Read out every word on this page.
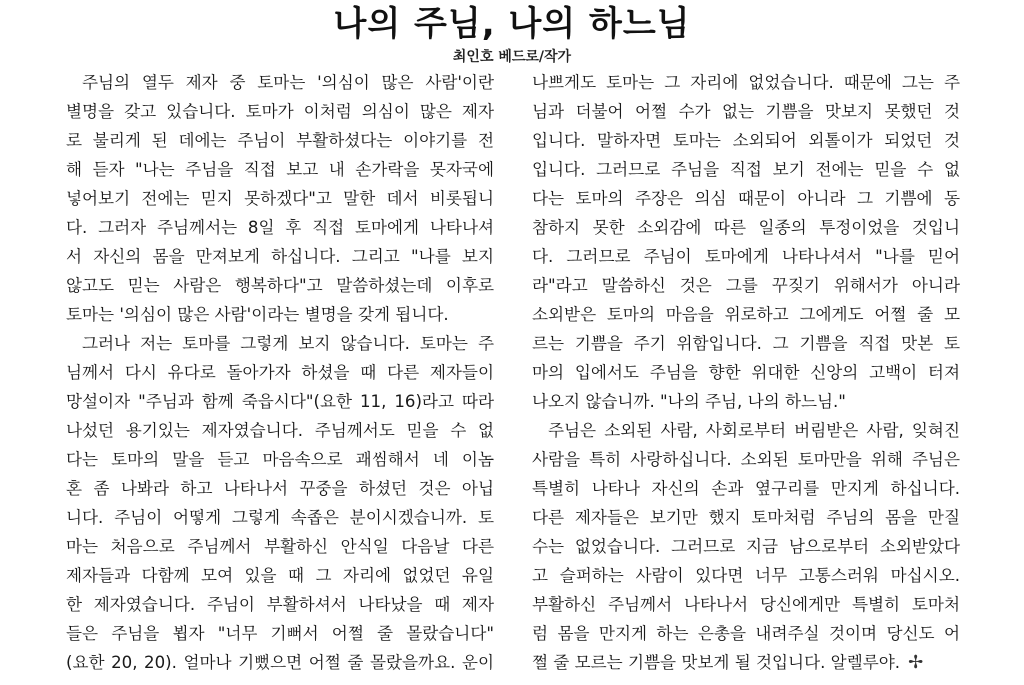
나의 주님, 나의 하느님
최인호 베드로/작가
주님의 열두 제자 중 토마는 '의심이 많은 사람'이란
별명을 갖고 있습니다. 토마가 이처럼 의심이 많은 제자
로 불리게 된 데에는 주님이 부활하셨다는 이야기를 전
해 듣자 "나는 주님을 직접 보고 내 손가락을 못자국에
넣어보기 전에는 믿지 못하겠다"고 말한 데서 비롯됩니
다. 그러자 주님께서는 8일 후 직접 토마에게 나타나셔
서 자신의 몸을 만져보게 하십니다. 그리고 "나를 보지
않고도 믿는 사람은 행복하다"고 말씀하셨는데 이후로
토마는 '의심이 많은 사람'이라는 별명을 갖게 됩니다.
그러나 저는 토마를 그렇게 보지 않습니다. 토마는 주
님께서 다시 유다로 돌아가자 하셨을 때 다른 제자들이
망설이자 "주님과 함께 죽읍시다"(요한 11, 16)라고 따라
나섰던 용기있는 제자였습니다. 주님께서도 믿을 수 없
다는 토마의 말을 듣고 마음속으로 괘씸해서 네 이놈
혼 좀 나봐라 하고 나타나서 꾸중을 하셨던 것은 아닙
니다. 주님이 어떻게 그렇게 속좁은 분이시겠습니까. 토
마는 처음으로 주님께서 부활하신 안식일 다음날 다른
제자들과 다함께 모여 있을 때 그 자리에 없었던 유일
한 제자였습니다. 주님이 부활하셔서 나타났을 때 제자
들은 주님을 뵙자 "너무 기뻐서 어쩔 줄 몰랐습니다"
(요한 20, 20). 얼마나 기뻤으면 어쩔 줄 몰랐을까요. 운이
나쁘게도 토마는 그 자리에 없었습니다. 때문에 그는 주
님과 더불어 어쩔 수가 없는 기쁨을 맛보지 못했던 것
입니다. 말하자면 토마는 소외되어 외톨이가 되었던 것
입니다. 그러므로 주님을 직접 보기 전에는 믿을 수 없
다는 토마의 주장은 의심 때문이 아니라 그 기쁨에 동
참하지 못한 소외감에 따른 일종의 투정이었을 것입니
다. 그러므로 주님이 토마에게 나타나셔서 "나를 믿어
라"라고 말씀하신 것은 그를 꾸짖기 위해서가 아니라
소외받은 토마의 마음을 위로하고 그에게도 어쩔 줄 모
르는 기쁨을 주기 위함입니다. 그 기쁨을 직접 맛본 토
마의 입에서도 주님을 향한 위대한 신앙의 고백이 터져
나오지 않습니까. "나의 주님, 나의 하느님."
주님은 소외된 사람, 사회로부터 버림받은 사람, 잊혀진
사람을 특히 사랑하십니다. 소외된 토마만을 위해 주님은
특별히 나타나 자신의 손과 옆구리를 만지게 하십니다.
다른 제자들은 보기만 했지 토마처럼 주님의 몸을 만질
수는 없었습니다. 그러므로 지금 남으로부터 소외받았다
고 슬퍼하는 사람이 있다면 너무 고통스러워 마십시오.
부활하신 주님께서 나타나서 당신에게만 특별히 토마처
럼 몸을 만지게 하는 은총을 내려주실 것이며 당신도 어
쩔 줄 모르는 기쁨을 맛보게 될 것입니다. 알렐루야. ✢
